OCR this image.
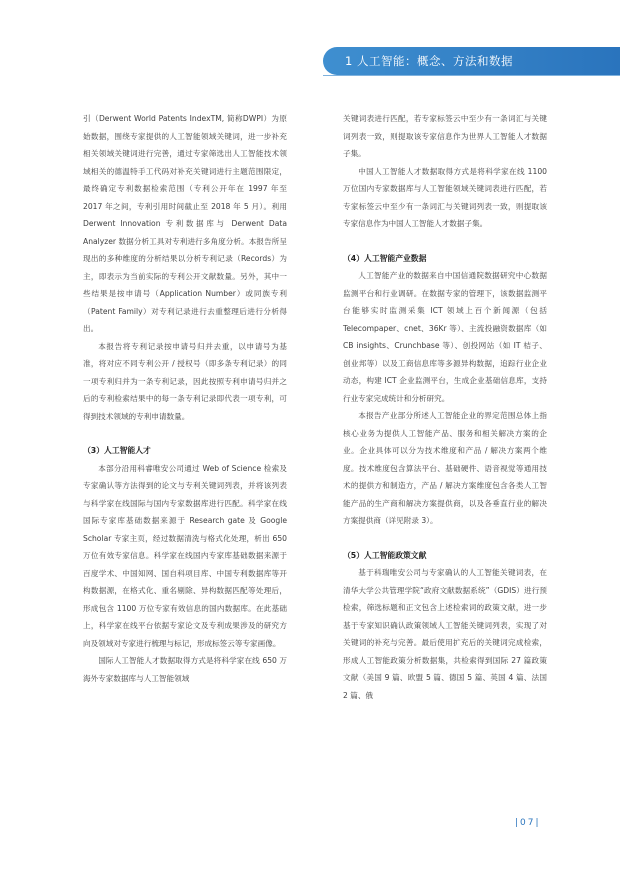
1 人工智能：概念、方法和数据

引（Derwent World Patents IndexTM, 简称DWPI）为原始数据，围绕专家提供的人工智能领域关键词，进一步补充相关领域关键词进行完善，通过专家筛选出人工智能技术领域相关的德温特手工代码对补充关键词进行主题范围限定，最终确定专利数据检索范围（专利公开年在 1997 年至 2017 年之间，专利引用时间截止至 2018 年 5 月）。利用 Derwent Innovation 专利数据库与 Derwent Data Analyzer 数据分析工具对专利进行多角度分析。本报告所呈现出的多种维度的分析结果以分析专利记录（Records）为主，即表示为当前实际的专利公开文献数量。另外，其中一些结果是按申请号（Application Number）或同族专利（Patent Family）对专利记录进行去重整理后进行分析得出。

本报告将专利记录按申请号归并去重，以申请号为基准，将对应不同专利公开 / 授权号（即多条专利记录）的同一项专利归并为一条专利记录，因此按照专利申请号归并之后的专利检索结果中的每一条专利记录即代表一项专利，可得到技术领域的专利申请数量。

（3）人工智能人才

本部分沿用科睿唯安公司通过 Web of Science 检索及专家确认等方法得到的论文与专利关键词列表，并将该列表与科学家在线国际与国内专家数据库进行匹配。科学家在线国际专家库基础数据来源于 Research gate 及 Google Scholar 专家主页，经过数据清洗与格式化处理，析出 650 万位有效专家信息。科学家在线国内专家库基础数据来源于百度学术、中国知网、国自科项目库、中国专利数据库等开构数据源，在格式化、重名剔除、异构数据匹配等处理后，形成包含 1100 万位专家有效信息的国内数据库。在此基础上，科学家在线平台依据专家论文及专利成果涉及的研究方向及领域对专家进行梳理与标记，形成标签云等专家画像。

国际人工智能人才数据取得方式是将科学家在线 650 万海外专家数据库与人工智能领域

关键词表进行匹配，若专家标签云中至少有一条词汇与关键词列表一致，则提取该专家信息作为世界人工智能人才数据子集。

中国人工智能人才数据取得方式是将科学家在线 1100 万位国内专家数据库与人工智能领域关键词表进行匹配，若专家标签云中至少有一条词汇与关键词列表一致，则提取该专家信息作为中国人工智能人才数据子集。

（4）人工智能产业数据

人工智能产业的数据来自中国信通院数据研究中心数据监测平台和行业调研。在数据专家的管理下，该数据监测平台能够实时监测采集 ICT 领域上百个新闻源（包括 Telecompaper、cnet、36Kr 等）、主流投融资数据库（如 CB insights、Crunchbase 等）、创投网站（如 IT 桔子、创业邦等）以及工商信息库等多源异构数据，追踪行业企业动态，构建 ICT 企业监测平台，生成企业基础信息库，支持行业专家完成统计和分析研究。

本报告产业部分所述人工智能企业的界定范围总体上指核心业务为提供人工智能产品、服务和相关解决方案的企业。企业具体可以分为技术维度和产品 / 解决方案两个维度。技术维度包含算法平台、基础硬件、语音视觉等通用技术的提供方和制造方，产品 / 解决方案维度包含各类人工智能产品的生产商和解决方案提供商，以及各垂直行业的解决方案提供商（详见附录 3）。

（5）人工智能政策文献

基于科瑞唯安公司与专家确认的人工智能关键词表，在清华大学公共管理学院“政府文献数据系统”（GDIS）进行预检索，筛选标题和正文包含上述检索词的政策文献，进一步基于专家知识确认政策领域人工智能关键词列表，实现了对关键词的补充与完善。最后使用扩充后的关键词完成检索，形成人工智能政策分析数据集，共检索得到国际 27 篇政策文献（美国 9 篇、欧盟 5 篇、德国 5 篇、英国 4 篇、法国 2 篇、俄

|07|
